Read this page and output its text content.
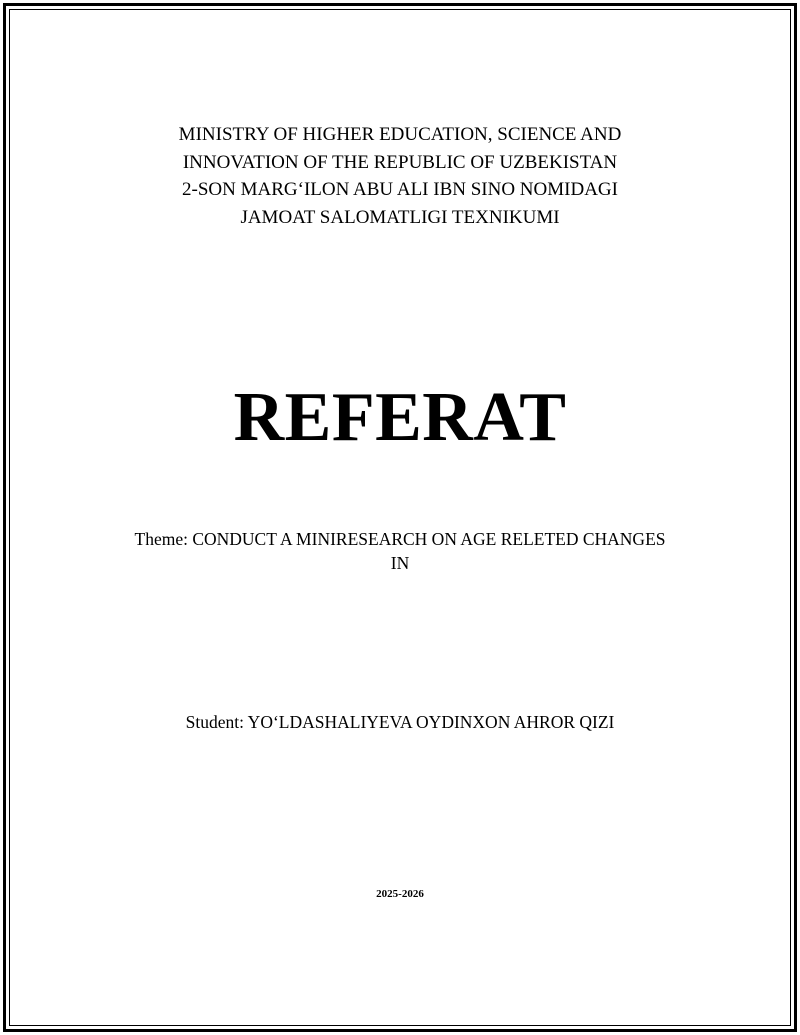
MINISTRY OF HIGHER EDUCATION, SCIENCE AND
INNOVATION OF THE REPUBLIC OF UZBEKISTAN
2-SON MARG‘ILON ABU ALI IBN SINO NOMIDAGI
JAMOAT SALOMATLIGI TEXNIKUMI
REFERAT
Theme: CONDUCT A MINIRESEARCH ON AGE RELETED CHANGES
IN
Student: YO‘LDASHALIYEVA OYDINXON AHROR QIZI
2025-2026
